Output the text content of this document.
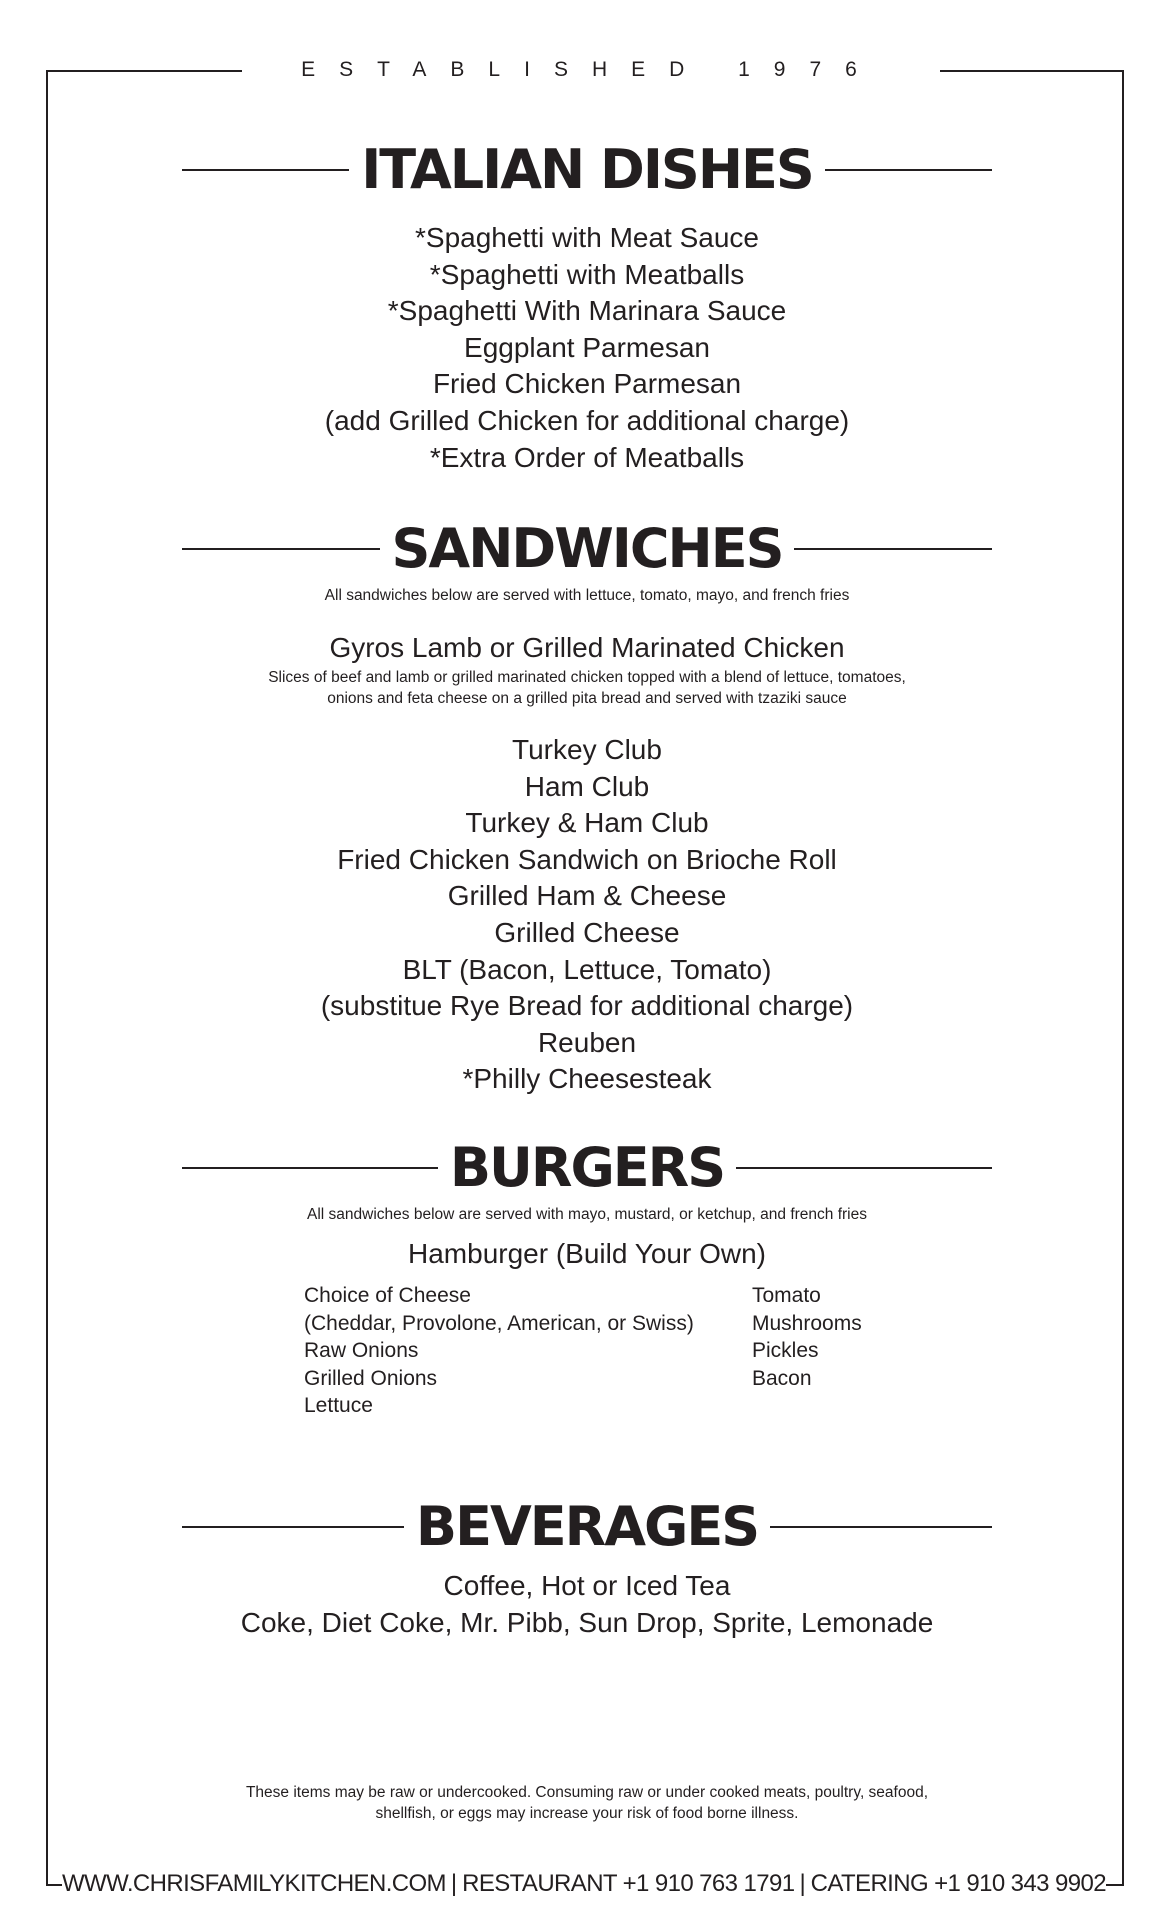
ESTABLISHED 1976
ITALIAN DISHES
*Spaghetti with Meat Sauce
*Spaghetti with Meatballs
*Spaghetti With Marinara Sauce
Eggplant Parmesan
Fried Chicken Parmesan
(add Grilled Chicken for additional charge)
*Extra Order of Meatballs
SANDWICHES
All sandwiches below are served with lettuce, tomato, mayo, and french fries
Gyros Lamb or Grilled Marinated Chicken
Slices of beef and lamb or grilled marinated chicken topped with a blend of lettuce, tomatoes,
onions and feta cheese on a grilled pita bread and served with tzaziki sauce
Turkey Club
Ham Club
Turkey & Ham Club
Fried Chicken Sandwich on Brioche Roll
Grilled Ham & Cheese
Grilled Cheese
BLT (Bacon, Lettuce, Tomato)
(substitue Rye Bread for additional charge)
Reuben
*Philly Cheesesteak
BURGERS
All sandwiches below are served with mayo, mustard, or ketchup, and french fries
Hamburger (Build Your Own)
Choice of Cheese
(Cheddar, Provolone, American, or Swiss)
Raw Onions
Grilled Onions
Lettuce
Tomato
Mushrooms
Pickles
Bacon
BEVERAGES
Coffee, Hot or Iced Tea
Coke, Diet Coke, Mr. Pibb, Sun Drop, Sprite, Lemonade
These items may be raw or undercooked. Consuming raw or under cooked meats, poultry, seafood,
shellfish, or eggs may increase your risk of food borne illness.
WWW.CHRISFAMILYKITCHEN.COM | RESTAURANT +1 910 763 1791 | CATERING +1 910 343 9902
